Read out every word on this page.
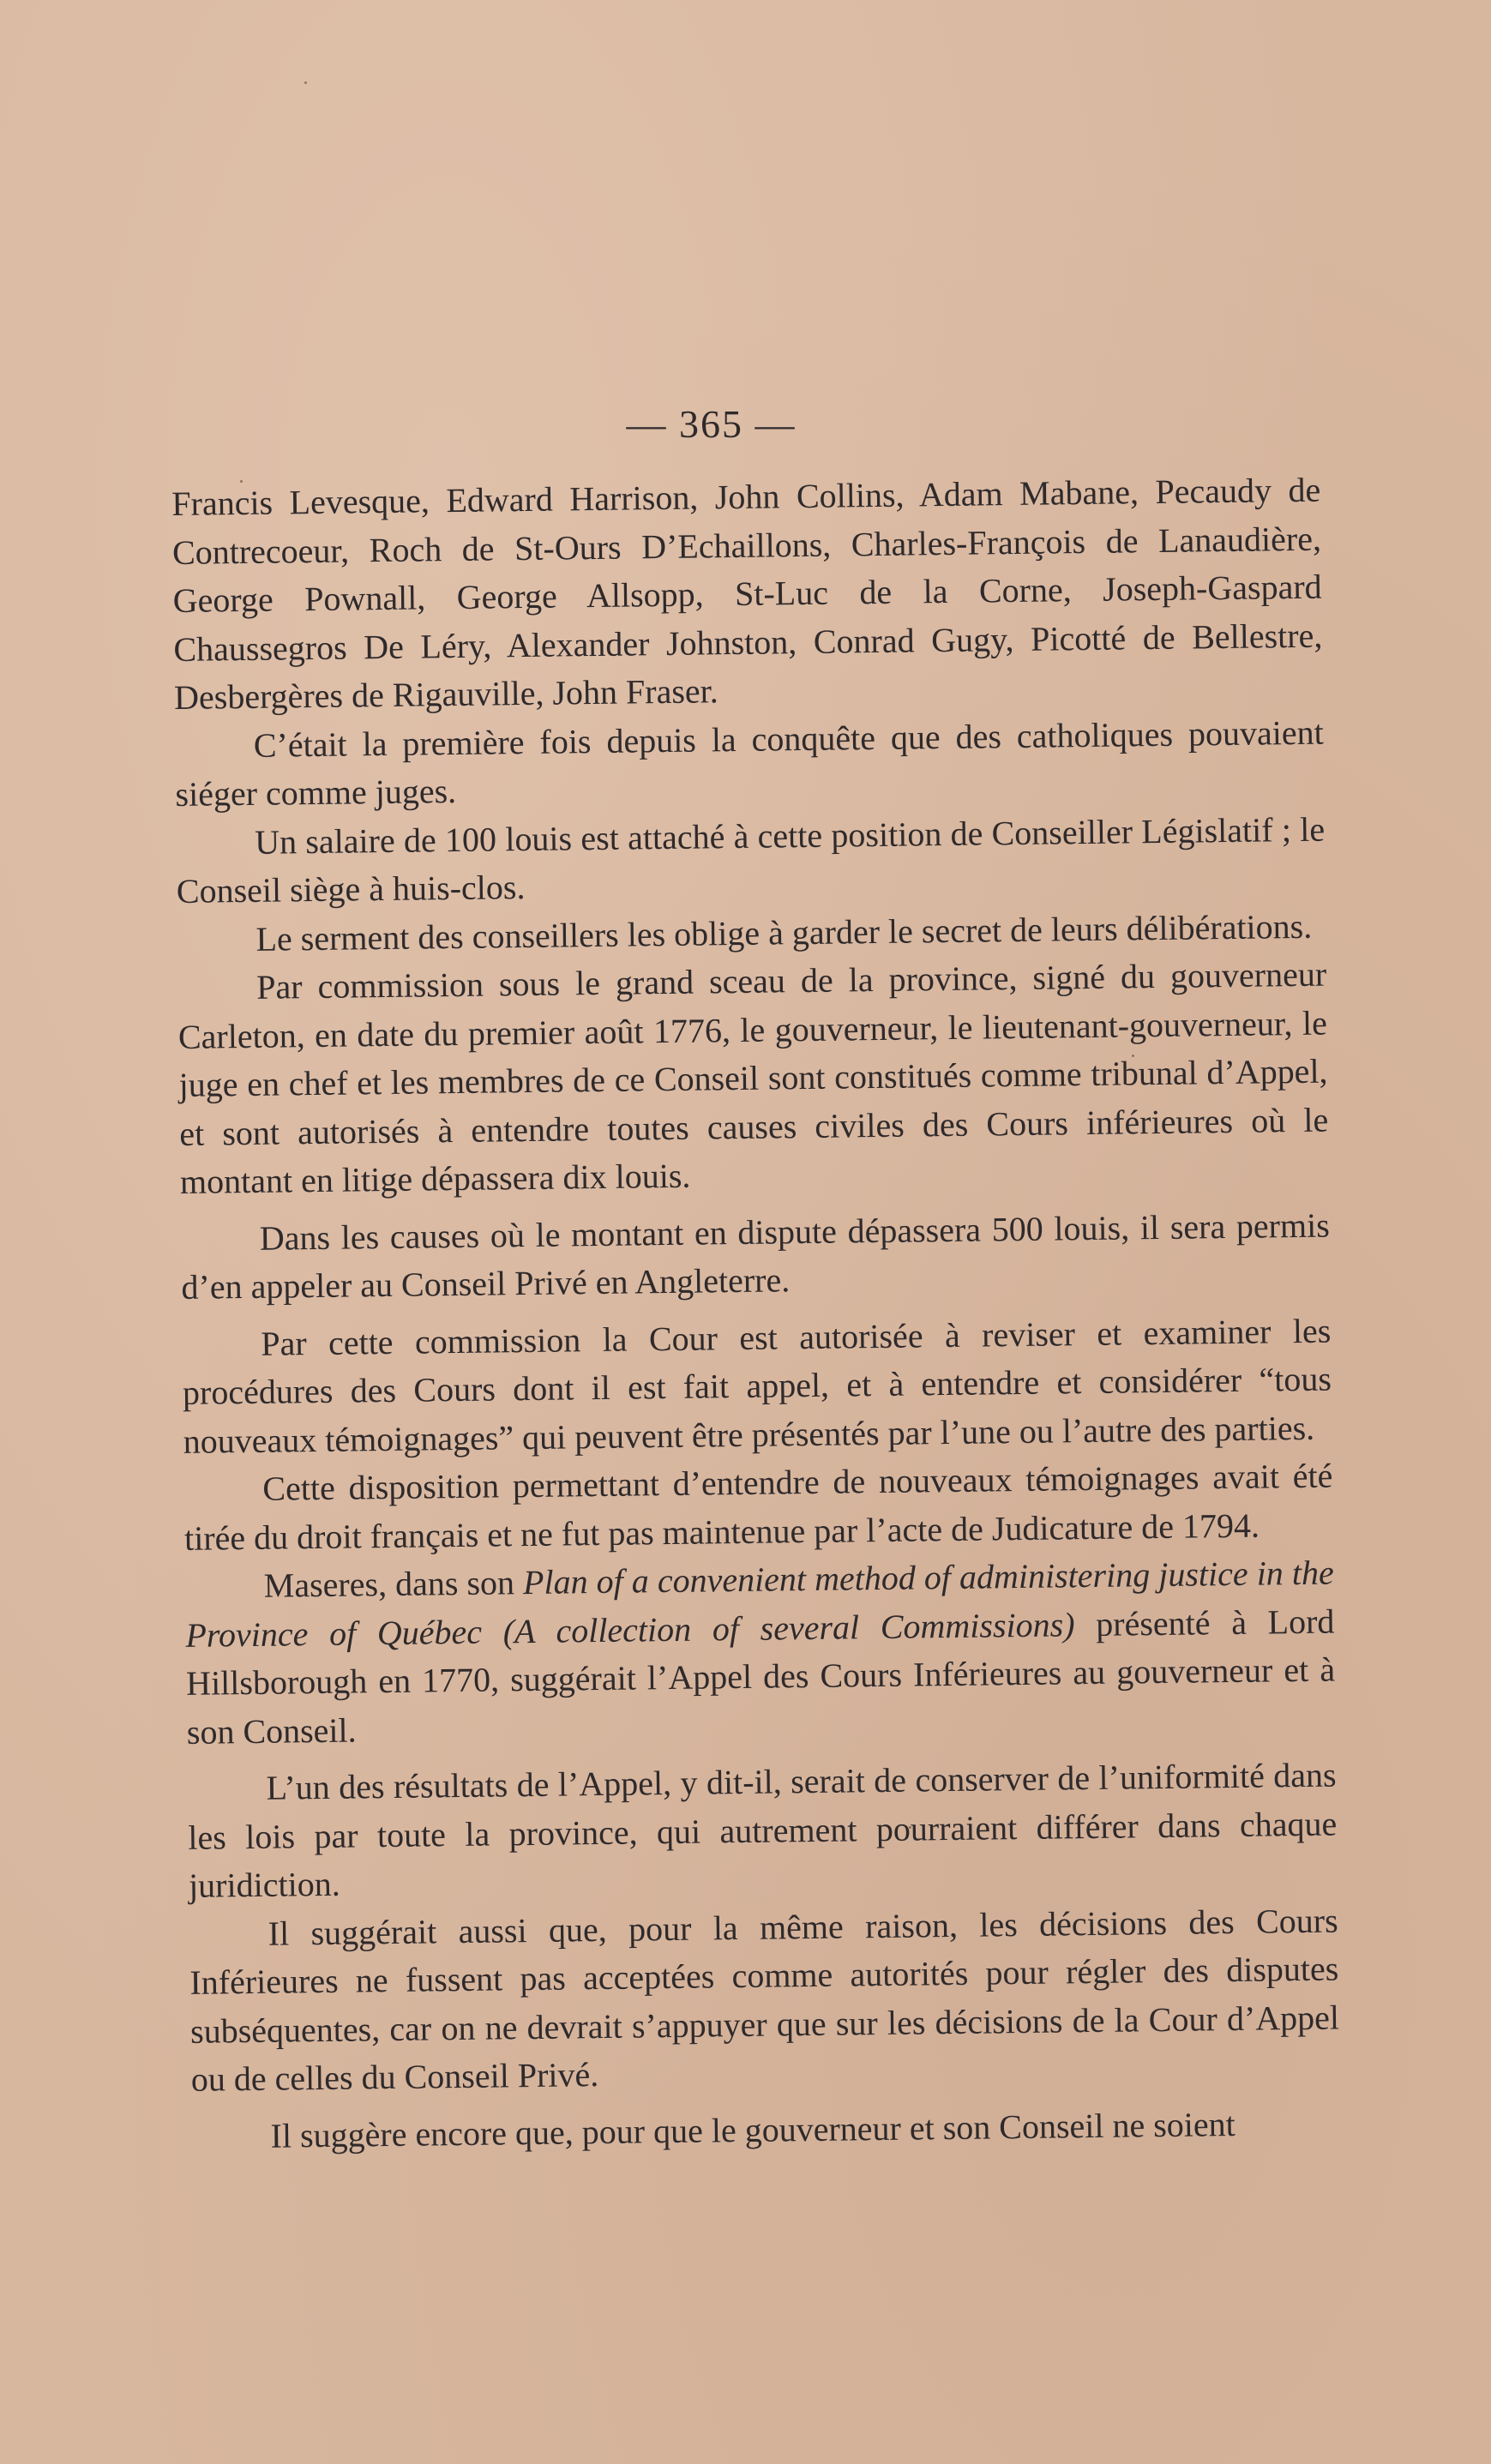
— 365 —

Francis Levesque, Edward Harrison, John Collins, Adam Mabane, Pecaudy de Contrecoeur, Roch de St-Ours D’Echaillons, Charles-François de Lanaudière, George Pownall, George Allsopp, St-Luc de la Corne, Joseph-Gaspard Chaussegros De Léry, Alexander Johnston, Conrad Gugy, Picotté de Bellestre, Desbergères de Rigauville, John Fraser.

C’était la première fois depuis la conquête que des catholiques pouvaient siéger comme juges.

Un salaire de 100 louis est attaché à cette position de Conseiller Législatif ; le Conseil siège à huis-clos.

Le serment des conseillers les oblige à garder le secret de leurs délibérations.

Par commission sous le grand sceau de la province, signé du gouverneur Carleton, en date du premier août 1776, le gouverneur, le lieutenant-gouverneur, le juge en chef et les membres de ce Conseil sont constitués comme tribunal d’Appel, et sont autorisés à entendre toutes causes civiles des Cours inférieures où le montant en litige dépassera dix louis.

Dans les causes où le montant en dispute dépassera 500 louis, il sera permis d’en appeler au Conseil Privé en Angleterre.

Par cette commission la Cour est autorisée à reviser et examiner les procédures des Cours dont il est fait appel, et à entendre et considérer “tous nouveaux témoignages” qui peuvent être présentés par l’une ou l’autre des parties.

Cette disposition permettant d’entendre de nouveaux témoignages avait été tirée du droit français et ne fut pas maintenue par l’acte de Judicature de 1794.

Maseres, dans son Plan of a convenient method of administering justice in the Province of Québec (A collection of several Commissions) présenté à Lord Hillsborough en 1770, suggérait l’Appel des Cours Inférieures au gouverneur et à son Conseil.

L’un des résultats de l’Appel, y dit-il, serait de conserver de l’uniformité dans les lois par toute la province, qui autrement pourraient différer dans chaque juridiction.

Il suggérait aussi que, pour la même raison, les décisions des Cours Inférieures ne fussent pas acceptées comme autorités pour régler des disputes subséquentes, car on ne devrait s’appuyer que sur les décisions de la Cour d’Appel ou de celles du Conseil Privé.

Il suggère encore que, pour que le gouverneur et son Conseil ne soient
